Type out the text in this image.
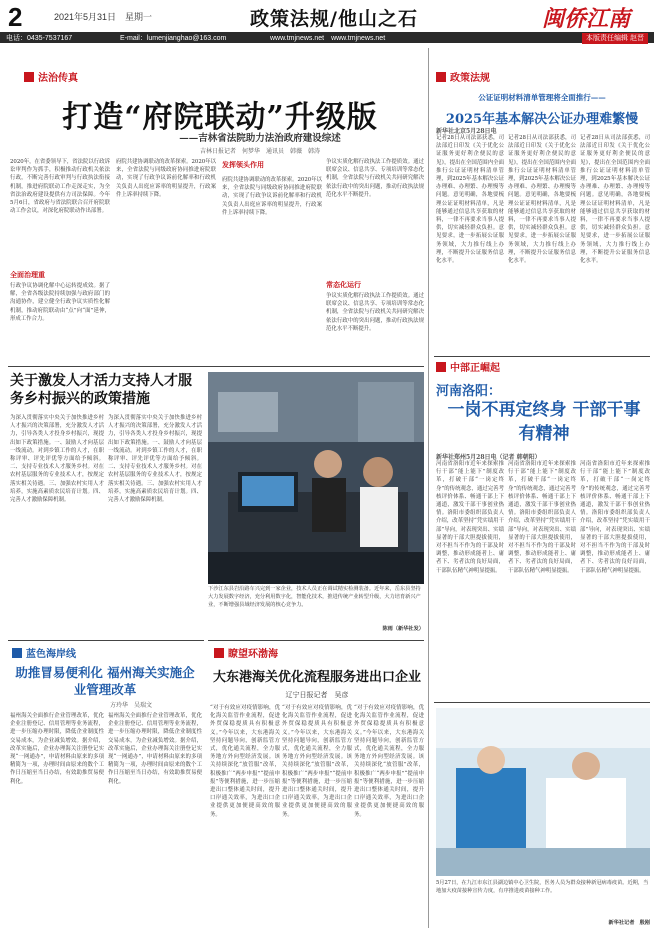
2	2021年5月31日　星期一	政策法规/他山之石	闽侨江南
电话：0435-7537167	E-mail：lumenjianghao@163.com	www.tmjnews.net　www.tmjnews.net	本版责任编辑 赵晋
法治传真
打造“府院联动”升级版
——吉林省法院助力法治政府建设综述
吉林日报记者　何梦华　通讯员　韩薇　韩涛
2020年，在省委领导下，省法院以行政诉讼审判作为抓手，积极推动行政机关依法行政，不断完善行政审判与行政执法衔接机制，推进府院联动工作走深走实，为全省法治政府建设提供有力司法保障。今年5月6日，省政府与省法院联合召开府院联动工作会议，对深化府院联动作出部署。
全面治理重
行政争议协调化解中心运转提成效。据了解，全省各级法院持续加强与政府部门的沟通协作，建立健全行政争议实质性化解机制，推动府院联动由“点”向“面”延伸，形成工作合力。
府院共建协调联动的改革探索。2020年以来，全省法院与同级政府协同推进府院联动，实现了行政争议诉前化解率和行政机关负责人出庭应诉率的明显提升，行政案件上诉率持续下降。
发挥领头作用
府院共建协调联动的改革探索。2020年以来，全省法院与同级政府协同推进府院联动，实现了行政争议诉前化解率和行政机关负责人出庭应诉率的明显提升，行政案件上诉率持续下降。
争议实质化解行政执法工作提质效。通过联席会议、信息共享、专项培训等常态化机制，全省法院与行政机关共同研究解决依法行政中的突出问题，推动行政执法规范化水平不断提升。
常态化运行
争议实质化解行政执法工作提质效。通过联席会议、信息共享、专项培训等常态化机制，全省法院与行政机关共同研究解决依法行政中的突出问题，推动行政执法规范化水平不断提升。
关于激发人才活力支持人才服务乡村振兴的政策措施
为深入贯彻落实中央关于加快推进乡村人才振兴的决策部署，充分激发人才活力，引导各类人才投身乡村振兴，现提出如下政策措施。一、鼓励人才向基层一线流动。对到乡镇工作的人才，在职称评审、评先评优等方面给予倾斜。二、支持专业技术人才服务乡村。对在农村基层服务的专业技术人才，按规定落实相关待遇。三、加强农村实用人才培养，实施高素质农民培育计划。四、完善人才激励保障机制。
为深入贯彻落实中央关于加快推进乡村人才振兴的决策部署，充分激发人才活力，引导各类人才投身乡村振兴，现提出如下政策措施。一、鼓励人才向基层一线流动。对到乡镇工作的人才，在职称评审、评先评优等方面给予倾斜。二、支持专业技术人才服务乡村。对在农村基层服务的专业技术人才，按规定落实相关待遇。三、加强农村实用人才培养，实施高素质农民培育计划。四、完善人才激励保障机制。
下沙江东县岩沿路车兴完到一家企业，技术人员正在调试精实检测装备。近年来，岳东县坚持大力发展数字经济，充分利用数字化，智能化技术，推进传统产业转型升级，大力培育新兴产业，不断增强县域经济发展的核心竞争力。
陈雨（新华社发）
蓝色海岸线
助推冒易便利化 福州海关实施企业管理改革
方玲华　吴瑞文
福州海关全面推行企业管理改革，优化企业注册登记、信用管理等业务流程，进一步压缩办理时限，降低企业制度性交易成本，为企业减负增效。据介绍，改革实施后，企业办理海关注册登记实现“一网通办”，申请材料由原来的多项精简为一项，办理时间由原来的数个工作日压缩至当日办结，有效助推贸易便利化。
福州海关全面推行企业管理改革，优化企业注册登记、信用管理等业务流程，进一步压缩办理时限，降低企业制度性交易成本，为企业减负增效。据介绍，改革实施后，企业办理海关注册登记实现“一网通办”，申请材料由原来的多项精简为一项，办理时间由原来的数个工作日压缩至当日办结，有效助推贸易便利化。
瞭望环渤海
大东港海关优化流程服务进出口企业
辽宁日报记者　吴彦
“对于有效应对疫情影响，优化海关监管作业流程，促进外贸保稳提质具有积极意义。”今年以来，大东港海关坚持问题导向，创新监管方式，优化通关流程，全力服务地方外向型经济发展。该关持续深化“放管服”改革，积极推广“两步申报”“提前申报”等便利措施，进一步压缩进出口整体通关时间，提升口岸通关效率，为进出口企业提供更加便捷高效的服务。
“对于有效应对疫情影响，优化海关监管作业流程，促进外贸保稳提质具有积极意义。”今年以来，大东港海关坚持问题导向，创新监管方式，优化通关流程，全力服务地方外向型经济发展。该关持续深化“放管服”改革，积极推广“两步申报”“提前申报”等便利措施，进一步压缩进出口整体通关时间，提升口岸通关效率，为进出口企业提供更加便捷高效的服务。
“对于有效应对疫情影响，优化海关监管作业流程，促进外贸保稳提质具有积极意义。”今年以来，大东港海关坚持问题导向，创新监管方式，优化通关流程，全力服务地方外向型经济发展。该关持续深化“放管服”改革，积极推广“两步申报”“提前申报”等便利措施，进一步压缩进出口整体通关时间，提升口岸通关效率，为进出口企业提供更加便捷高效的服务。
政策法规
公证证明材料清单管理将全面推行——
2025年基本解决公证办理难繁慢
新华社北京5月28日电
记者28日从司法部获悉，司法部近日印发《关于优化公证服务更好利企便民的意见》，提出在全国范围内全面推行公证证明材料清单管理，到2025年基本解决公证办理难、办理繁、办理慢等问题。意见明确，各地要梳理公证证明材料清单，凡是能够通过信息共享获取的材料，一律不再要求当事人提供，切实减轻群众负担。意见要求，进一步拓展公证服务领域，大力推行线上办理，不断提升公证服务信息化水平。
记者28日从司法部获悉，司法部近日印发《关于优化公证服务更好利企便民的意见》，提出在全国范围内全面推行公证证明材料清单管理，到2025年基本解决公证办理难、办理繁、办理慢等问题。意见明确，各地要梳理公证证明材料清单，凡是能够通过信息共享获取的材料，一律不再要求当事人提供，切实减轻群众负担。意见要求，进一步拓展公证服务领域，大力推行线上办理，不断提升公证服务信息化水平。
记者28日从司法部获悉，司法部近日印发《关于优化公证服务更好利企便民的意见》，提出在全国范围内全面推行公证证明材料清单管理，到2025年基本解决公证办理难、办理繁、办理慢等问题。意见明确，各地要梳理公证证明材料清单，凡是能够通过信息共享获取的材料，一律不再要求当事人提供，切实减轻群众负担。意见要求，进一步拓展公证服务领域，大力推行线上办理，不断提升公证服务信息化水平。
中部正崛起
河南洛阳：
一岗不再定终身 干部干事有精神
新华社郑州5月28日电（记者 韩朝阳）
河南省洛阳市近年来探索推行干部“能上能下”制度改革，打破干部“一岗定终身”的传统观念，通过完善考核评价体系、畅通干部上下通道，激发干部干事创业热情。洛阳市委组织部负责人介绍，改革坚持“凭实绩用干部”导向，对表现突出、实绩显著的干部大胆提拔使用，对不担当不作为的干部及时调整，推动形成能者上、庸者下、劣者汰的良好局面，干部队伍精气神明显提振。
河南省洛阳市近年来探索推行干部“能上能下”制度改革，打破干部“一岗定终身”的传统观念，通过完善考核评价体系、畅通干部上下通道，激发干部干事创业热情。洛阳市委组织部负责人介绍，改革坚持“凭实绩用干部”导向，对表现突出、实绩显著的干部大胆提拔使用，对不担当不作为的干部及时调整，推动形成能者上、庸者下、劣者汰的良好局面，干部队伍精气神明显提振。
河南省洛阳市近年来探索推行干部“能上能下”制度改革，打破干部“一岗定终身”的传统观念，通过完善考核评价体系、畅通干部上下通道，激发干部干事创业热情。洛阳市委组织部负责人介绍，改革坚持“凭实绩用干部”导向，对表现突出、实绩显著的干部大胆提拔使用，对不担当不作为的干部及时调整，推动形成能者上、庸者下、劣者汰的良好局面，干部队伍精气神明显提振。
5月27日，在九江市东江县湖边镇中心卫生院，医务人员为群众接种新冠病毒疫苗。近期，当地加大疫苗接种宣传力度，有序推进疫苗接种工作。
新华社记者　殷刚
